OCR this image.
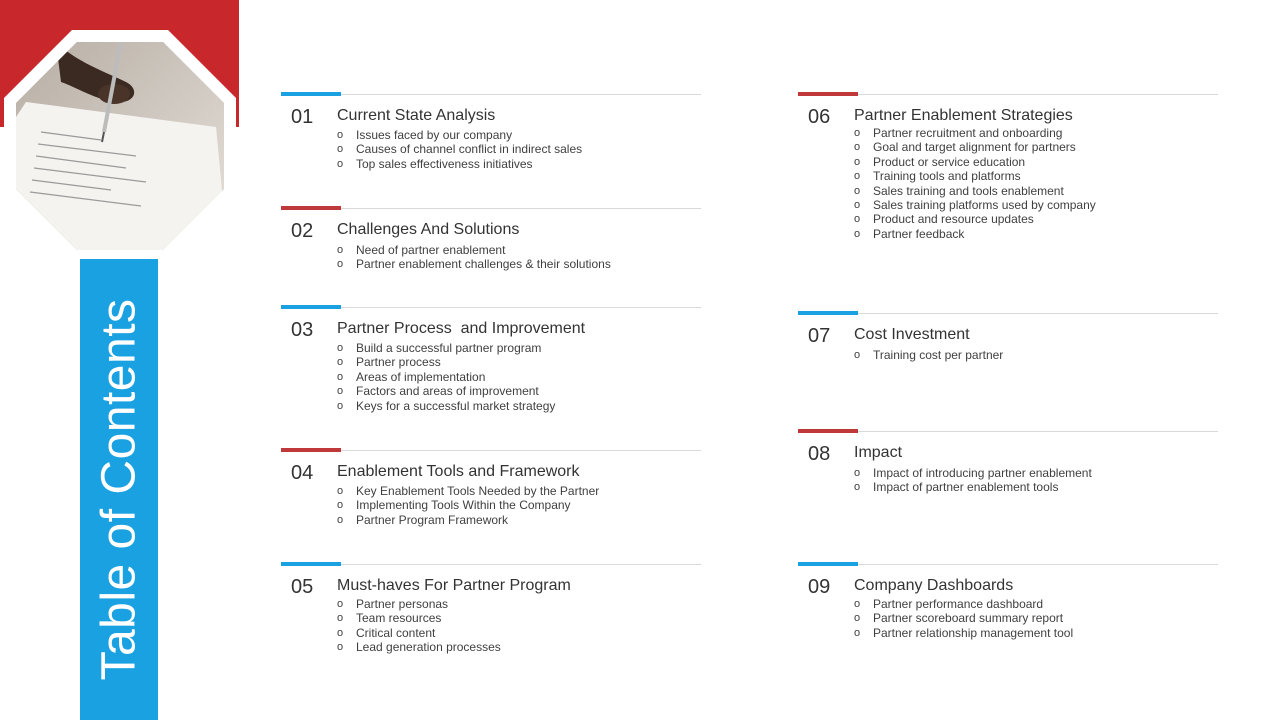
Table of Contents
01 Current State Analysis
o Issues faced by our company
o Causes of channel conflict in indirect sales
o Top sales effectiveness initiatives
02 Challenges And Solutions
o Need of partner enablement
o Partner enablement challenges & their solutions
03 Partner Process  and Improvement
o Build a successful partner program
o Partner process
o Areas of implementation
o Factors and areas of improvement
o Keys for a successful market strategy
04 Enablement Tools and Framework
o Key Enablement Tools Needed by the Partner
o Implementing Tools Within the Company
o Partner Program Framework
05 Must-haves For Partner Program
o Partner personas
o Team resources
o Critical content
o Lead generation processes
06 Partner Enablement Strategies
o Partner recruitment and onboarding
o Goal and target alignment for partners
o Product or service education
o Training tools and platforms
o Sales training and tools enablement
o Sales training platforms used by company
o Product and resource updates
o Partner feedback
07 Cost Investment
o Training cost per partner
08 Impact
o Impact of introducing partner enablement
o Impact of partner enablement tools
09 Company Dashboards
o Partner performance dashboard
o Partner scoreboard summary report
o Partner relationship management tool
